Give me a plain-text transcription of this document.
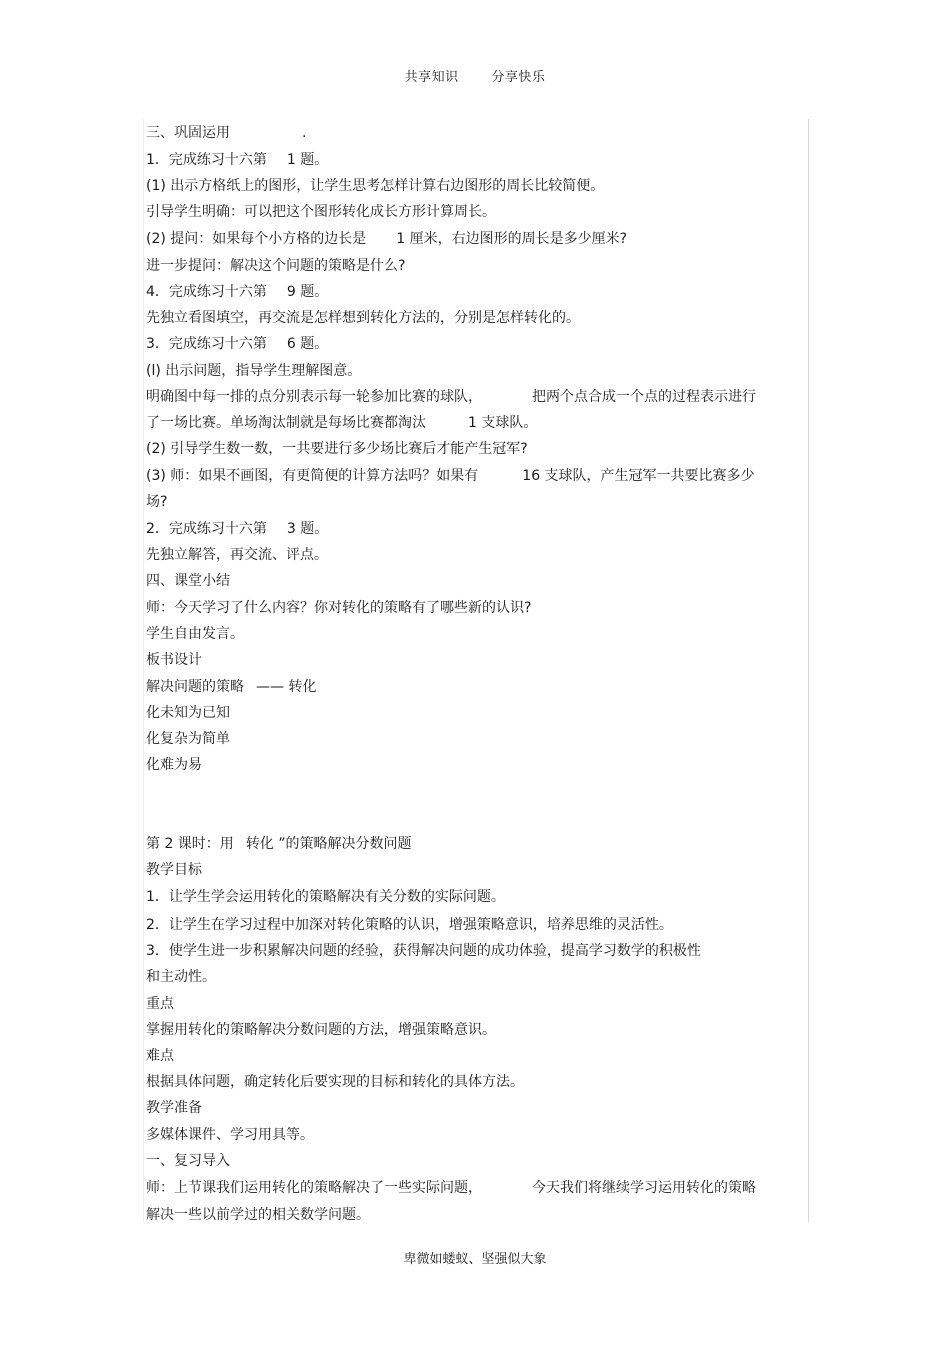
共享知识	分享快乐
三、巩固运用	.
1．完成练习十六第 1 题。
(1) 出示方格纸上的图形，让学生思考怎样计算右边图形的周长比较简便。
引导学生明确：可以把这个图形转化成长方形计算周长。
(2) 提问：如果每个小方格的边长是 1 厘米，右边图形的周长是多少厘米?
进一步提问：解决这个问题的策略是什么?
4．完成练习十六第 9 题。
先独立看图填空，再交流是怎样想到转化方法的，分别是怎样转化的。
3．完成练习十六第 6 题。
(l) 出示问题，指导学生理解图意。
明确图中每一排的点分别表示每一轮参加比赛的球队，	把两个点合成一个点的过程表示进行
了一场比赛。单场淘汰制就是每场比赛都淘汰	1 支球队。
(2) 引导学生数一数，一共要进行多少场比赛后才能产生冠军?
(3) 师：如果不画图，有更简便的计算方法吗？如果有	16 支球队，产生冠军一共要比赛多少
场?
2．完成练习十六第 3 题。
先独立解答，再交流、评点。
四、课堂小结
师：今天学习了什么内容？你对转化的策略有了哪些新的认识?
学生自由发言。
板书设计
解决问题的策略 —— 转化
化未知为已知
化复杂为简单
化难为易
第 2 课时：用 转化 ”的策略解决分数问题
教学目标
1．让学生学会运用转化的策略解决有关分数的实际问题。
2．让学生在学习过程中加深对转化策略的认识，增强策略意识，培养思维的灵活性。
3．使学生进一步积累解决问题的经验，获得解决问题的成功体验，提高学习数学的积极性
和主动性。
重点
掌握用转化的策略解决分数问题的方法，增强策略意识。
难点
根据具体问题，确定转化后要实现的目标和转化的具体方法。
教学准备
多媒体课件、学习用具等。
一、复习导入
师：上节课我们运用转化的策略解决了一些实际问题，	今天我们将继续学习运用转化的策略
解决一些以前学过的相关数学问题。
卑微如蝼蚁、坚强似大象
